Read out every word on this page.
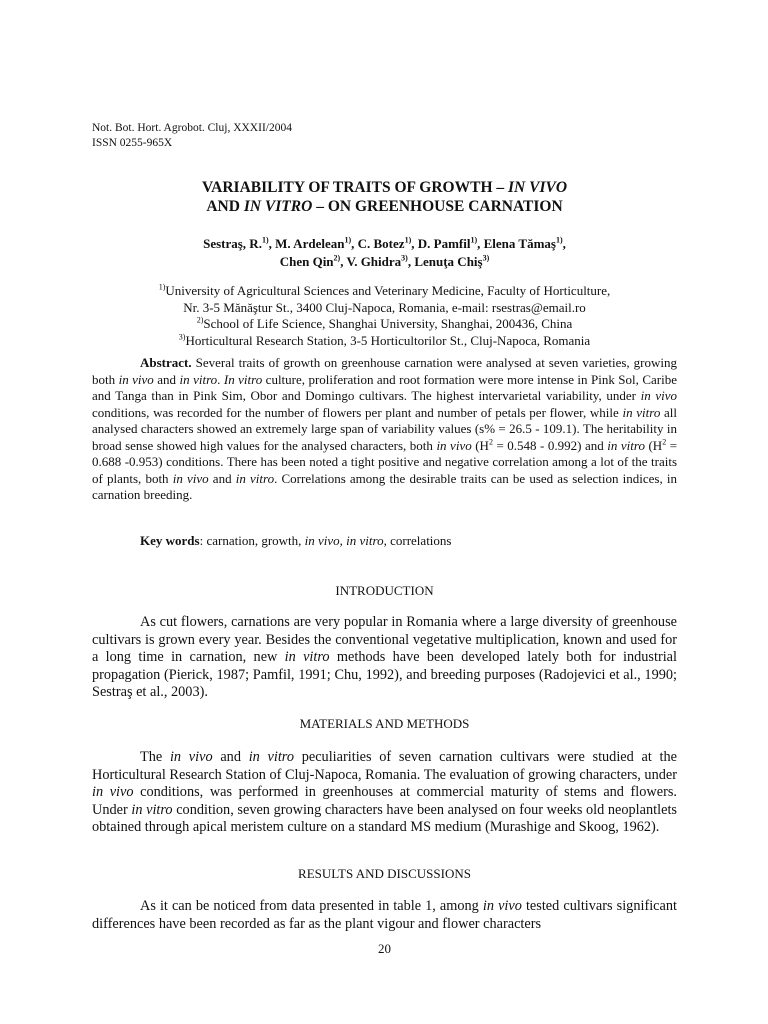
Not. Bot. Hort. Agrobot. Cluj, XXXII/2004
ISSN 0255-965X
VARIABILITY OF TRAITS OF GROWTH – IN VIVO
AND IN VITRO – ON GREENHOUSE CARNATION
Sestraş, R.$^{1)}$, M. Ardelean$^{1)}$, C. Botez$^{1)}$, D. Pamfil$^{1)}$, Elena Tămaş$^{1)}$,
Chen Qin$^{2)}$, V. Ghidra$^{3)}$, Lenuţa Chiş$^{3)}$
$^{1)}$University of Agricultural Sciences and Veterinary Medicine, Faculty of Horticulture,
Nr. 3-5 Mănăştur St., 3400 Cluj-Napoca, Romania, e-mail: rsestras@email.ro
$^{2)}$School of Life Science, Shanghai University, Shanghai, 200436, China
$^{3)}$Horticultural Research Station, 3-5 Horticultorilor St., Cluj-Napoca, Romania

Abstract. Several traits of growth on greenhouse carnation were analysed at seven varieties, growing both in vivo and in vitro. In vitro culture, proliferation and root formation were more intense in Pink Sol, Caribe and Tanga than in Pink Sim, Obor and Domingo cultivars. The highest intervarietal variability, under in vivo conditions, was recorded for the number of flowers per plant and number of petals per flower, while in vitro all analysed characters showed an extremely large span of variability values (s% = 26.5 - 109.1). The heritability in broad sense showed high values for the analysed characters, both in vivo $(H^2 = 0.548 - 0.992)$ and in vitro ($H^2 = 0.688$ -0.953) conditions. There has been noted a tight positive and negative correlation among a lot of the traits of plants, both in vivo and in vitro. Correlations among the desirable traits can be used as selection indices, in carnation breeding.

Key words: carnation, growth, in vivo, in vitro, correlations

INTRODUCTION

As cut flowers, carnations are very popular in Romania where a large diversity of greenhouse cultivars is grown every year. Besides the conventional vegetative multiplication, known and used for a long time in carnation, new in vitro methods have been developed lately both for industrial propagation (Pierick, 1987; Pamfil, 1991; Chu, 1992), and breeding purposes (Radojevici et al., 1990; Sestraş et al., 2003).

MATERIALS AND METHODS

The in vivo and in vitro peculiarities of seven carnation cultivars were studied at the Horticultural Research Station of Cluj-Napoca, Romania. The evaluation of growing characters, under in vivo conditions, was performed in greenhouses at commercial maturity of stems and flowers. Under in vitro condition, seven growing characters have been analysed on four weeks old neoplantlets obtained through apical meristem culture on a standard MS medium (Murashige and Skoog, 1962).

RESULTS AND DISCUSSIONS

As it can be noticed from data presented in table 1, among in vivo tested cultivars significant differences have been recorded as far as the plant vigour and flower characters

20
